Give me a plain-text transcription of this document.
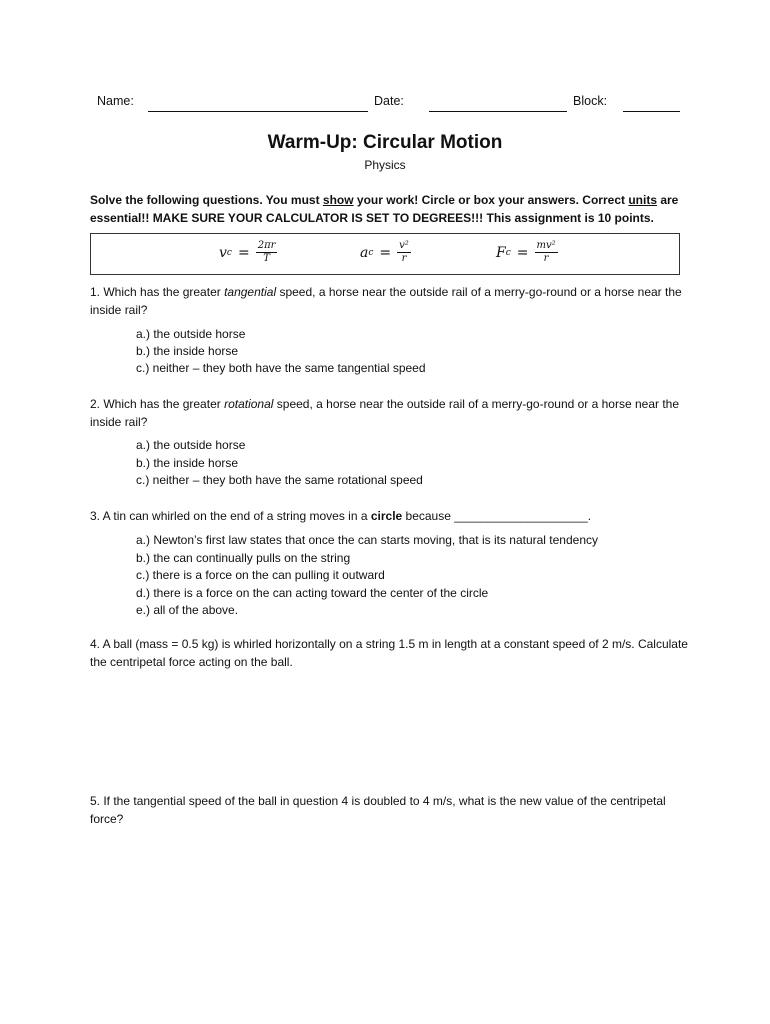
Name:	Date:	Block:
Warm-Up: Circular Motion
Physics
Solve the following questions. You must show your work! Circle or box your answers. Correct units are essential!! MAKE SURE YOUR CALCULATOR IS SET TO DEGREES!!! This assignment is 10 points.
v $c = \frac{2\pi r}{T}$	a $c = \frac{\text{v²}}{r}$	F $c = \frac{\text{mv²}}{r}$
1. Which has the greater tangential speed, a horse near the outside rail of a merry-go-round or a horse near the inside rail?
a.) the outside horse
b.) the inside horse
c.) neither – they both have the same tangential speed
2. Which has the greater rotational speed, a horse near the outside rail of a merry-go-round or a horse near the inside rail?
a.) the outside horse
b.) the inside horse
c.) neither – they both have the same rotational speed
3. A tin can whirled on the end of a string moves in a circle because ____________________.
a.) Newton’s first law states that once the can starts moving, that is its natural tendency
b.) the can continually pulls on the string
c.) there is a force on the can pulling it outward
d.) there is a force on the can acting toward the center of the circle
e.) all of the above.
4. A ball (mass = 0.5 kg) is whirled horizontally on a string 1.5 m in length at a constant speed of 2 m/s. Calculate the centripetal force acting on the ball.
5. If the tangential speed of the ball in question 4 is doubled to 4 m/s, what is the new value of the centripetal force?
